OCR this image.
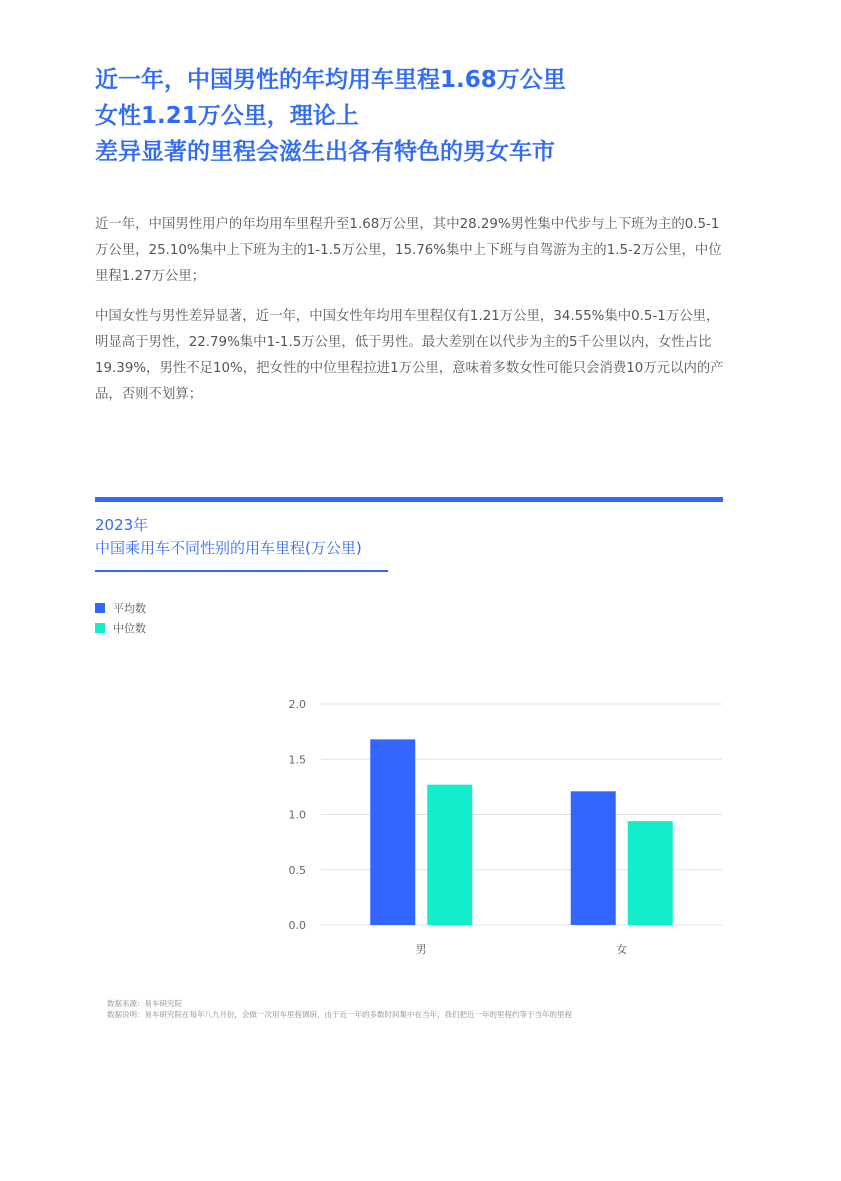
近一年，中国男性的年均用车里程1.68万公里
女性1.21万公里，理论上
差异显著的里程会滋生出各有特色的男女车市

近一年，中国男性用户的年均用车里程升至1.68万公里，其中28.29%男性集中代步与上下班为主的0.5-1万公里，25.10%集中上下班为主的1-1.5万公里，15.76%集中上下班与自驾游为主的1.5-2万公里，中位里程1.27万公里；

中国女性与男性差异显著，近一年，中国女性年均用车里程仅有1.21万公里，34.55%集中0.5-1万公里，明显高于男性，22.79%集中1-1.5万公里，低于男性。最大差别在以代步为主的5千公里以内，女性占比19.39%，男性不足10%，把女性的中位里程拉进1万公里，意味着多数女性可能只会消费10万元以内的产品，否则不划算；

2023年
中国乘用车不同性别的用车里程(万公里)
平均数
中位数
0.0
0.5
1.0
1.5
2.0
男	女
数据来源：易车研究院
数据说明：易车研究院在每年八九月份，会做一次用车里程调研，由于近一年的多数时间集中在当年，我们把近一年的里程约等于当年的里程
